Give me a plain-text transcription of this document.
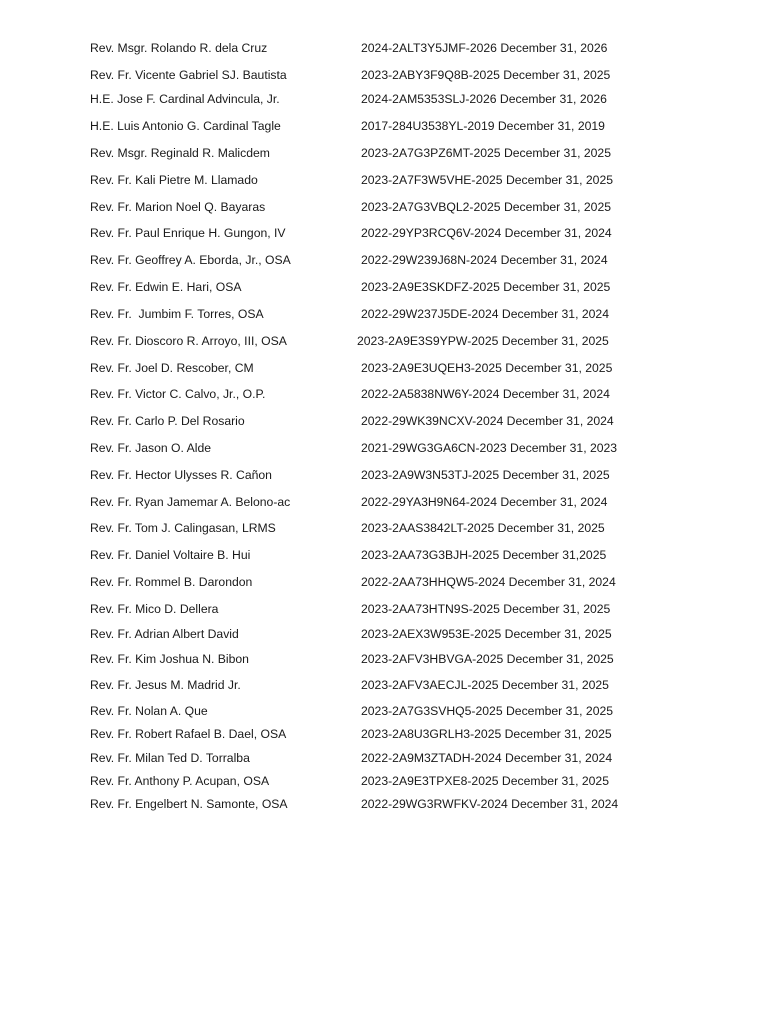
Rev. Msgr. Rolando R. dela Cruz	2024-2ALT3Y5JMF-2026 December 31, 2026
Rev. Fr. Vicente Gabriel SJ. Bautista	2023-2ABY3F9Q8B-2025 December 31, 2025
H.E. Jose F. Cardinal Advincula, Jr.	2024-2AM5353SLJ-2026 December 31, 2026
H.E. Luis Antonio G. Cardinal Tagle	2017-284U3538YL-2019 December 31, 2019
Rev. Msgr. Reginald R. Malicdem	2023-2A7G3PZ6MT-2025 December 31, 2025
Rev. Fr. Kali Pietre M. Llamado	2023-2A7F3W5VHE-2025 December 31, 2025
Rev. Fr. Marion Noel Q. Bayaras	2023-2A7G3VBQL2-2025 December 31, 2025
Rev. Fr. Paul Enrique H. Gungon, IV	2022-29YP3RCQ6V-2024 December 31, 2024
Rev. Fr. Geoffrey A. Eborda, Jr., OSA	2022-29W239J68N-2024 December 31, 2024
Rev. Fr. Edwin E. Hari, OSA	2023-2A9E3SKDFZ-2025 December 31, 2025
Rev. Fr.  Jumbim F. Torres, OSA	2022-29W237J5DE-2024 December 31, 2024
Rev. Fr. Dioscoro R. Arroyo, III, OSA	2023-2A9E3S9YPW-2025 December 31, 2025
Rev. Fr. Joel D. Rescober, CM	2023-2A9E3UQEH3-2025 December 31, 2025
Rev. Fr. Victor C. Calvo, Jr., O.P.	2022-2A5838NW6Y-2024 December 31, 2024
Rev. Fr. Carlo P. Del Rosario	2022-29WK39NCXV-2024 December 31, 2024
Rev. Fr. Jason O. Alde	2021-29WG3GA6CN-2023 December 31, 2023
Rev. Fr. Hector Ulysses R. Cañon	2023-2A9W3N53TJ-2025 December 31, 2025
Rev. Fr. Ryan Jamemar A. Belono-ac	2022-29YA3H9N64-2024 December 31, 2024
Rev. Fr. Tom J. Calingasan, LRMS	2023-2AAS3842LT-2025 December 31, 2025
Rev. Fr. Daniel Voltaire B. Hui	2023-2AA73G3BJH-2025 December 31,2025
Rev. Fr. Rommel B. Darondon	2022-2AA73HHQW5-2024 December 31, 2024
Rev. Fr. Mico D. Dellera	2023-2AA73HTN9S-2025 December 31, 2025
Rev. Fr. Adrian Albert David	2023-2AEX3W953E-2025 December 31, 2025
Rev. Fr. Kim Joshua N. Bibon	2023-2AFV3HBVGA-2025 December 31, 2025
Rev. Fr. Jesus M. Madrid Jr.	2023-2AFV3AECJL-2025 December 31, 2025
Rev. Fr. Nolan A. Que	2023-2A7G3SVHQ5-2025 December 31, 2025
Rev. Fr. Robert Rafael B. Dael, OSA	2023-2A8U3GRLH3-2025 December 31, 2025
Rev. Fr. Milan Ted D. Torralba	2022-2A9M3ZTADH-2024 December 31, 2024
Rev. Fr. Anthony P. Acupan, OSA	2023-2A9E3TPXE8-2025 December 31, 2025
Rev. Fr. Engelbert N. Samonte, OSA	2022-29WG3RWFKV-2024 December 31, 2024
